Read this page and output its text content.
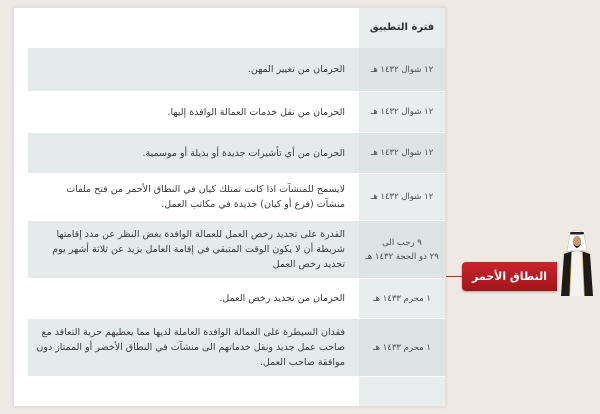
فترة التطبيق
١٢ شوال ١٤٣٢ هـ
الحرمان من تغيير المهن.
١٢ شوال ١٤٣٢ هـ
الحرمان من نقل خدمات العمالة الوافدة إليها.
١٢ شوال ١٤٣٢ هـ
الحرمان من أي تأشيرات جديدة أو بديلة أو موسمية.
١٢ شوال ١٤٣٢ هـ
لايسمح للمنشآت اذا كانت تمتلك كيان في النطاق الأحمر من فتح ملفات منشآت (فرع أو كيان) جديدة في مكاتب العمل.
٩ رجب الى
٢٩ ذو الحجة ١٤٣٢ هـ
القدرة على تجديد رخص العمل للعمالة الوافدة بغض النظر عن مدد إقامتها شريطة أن لا يكون الوقت المتبقي في إقامة العامل يزيد عن ثلاثة أشهر يوم تجديد رخص العمل
١ محرم ١٤٣٣ هـ
الحرمان من تجديد رخص العمل.
١ محرم ١٤٣٣ هـ
فقدان السيطرة على العمالة الوافدة العاملة لديها مما يعطيهم حرية التعاقد مع صاحب عمل جديد ونقل خدماتهم الى منشآت في النطاق الأخضر أو الممتاز دون موافقة صاحب العمل.
النطاق الأحمر
